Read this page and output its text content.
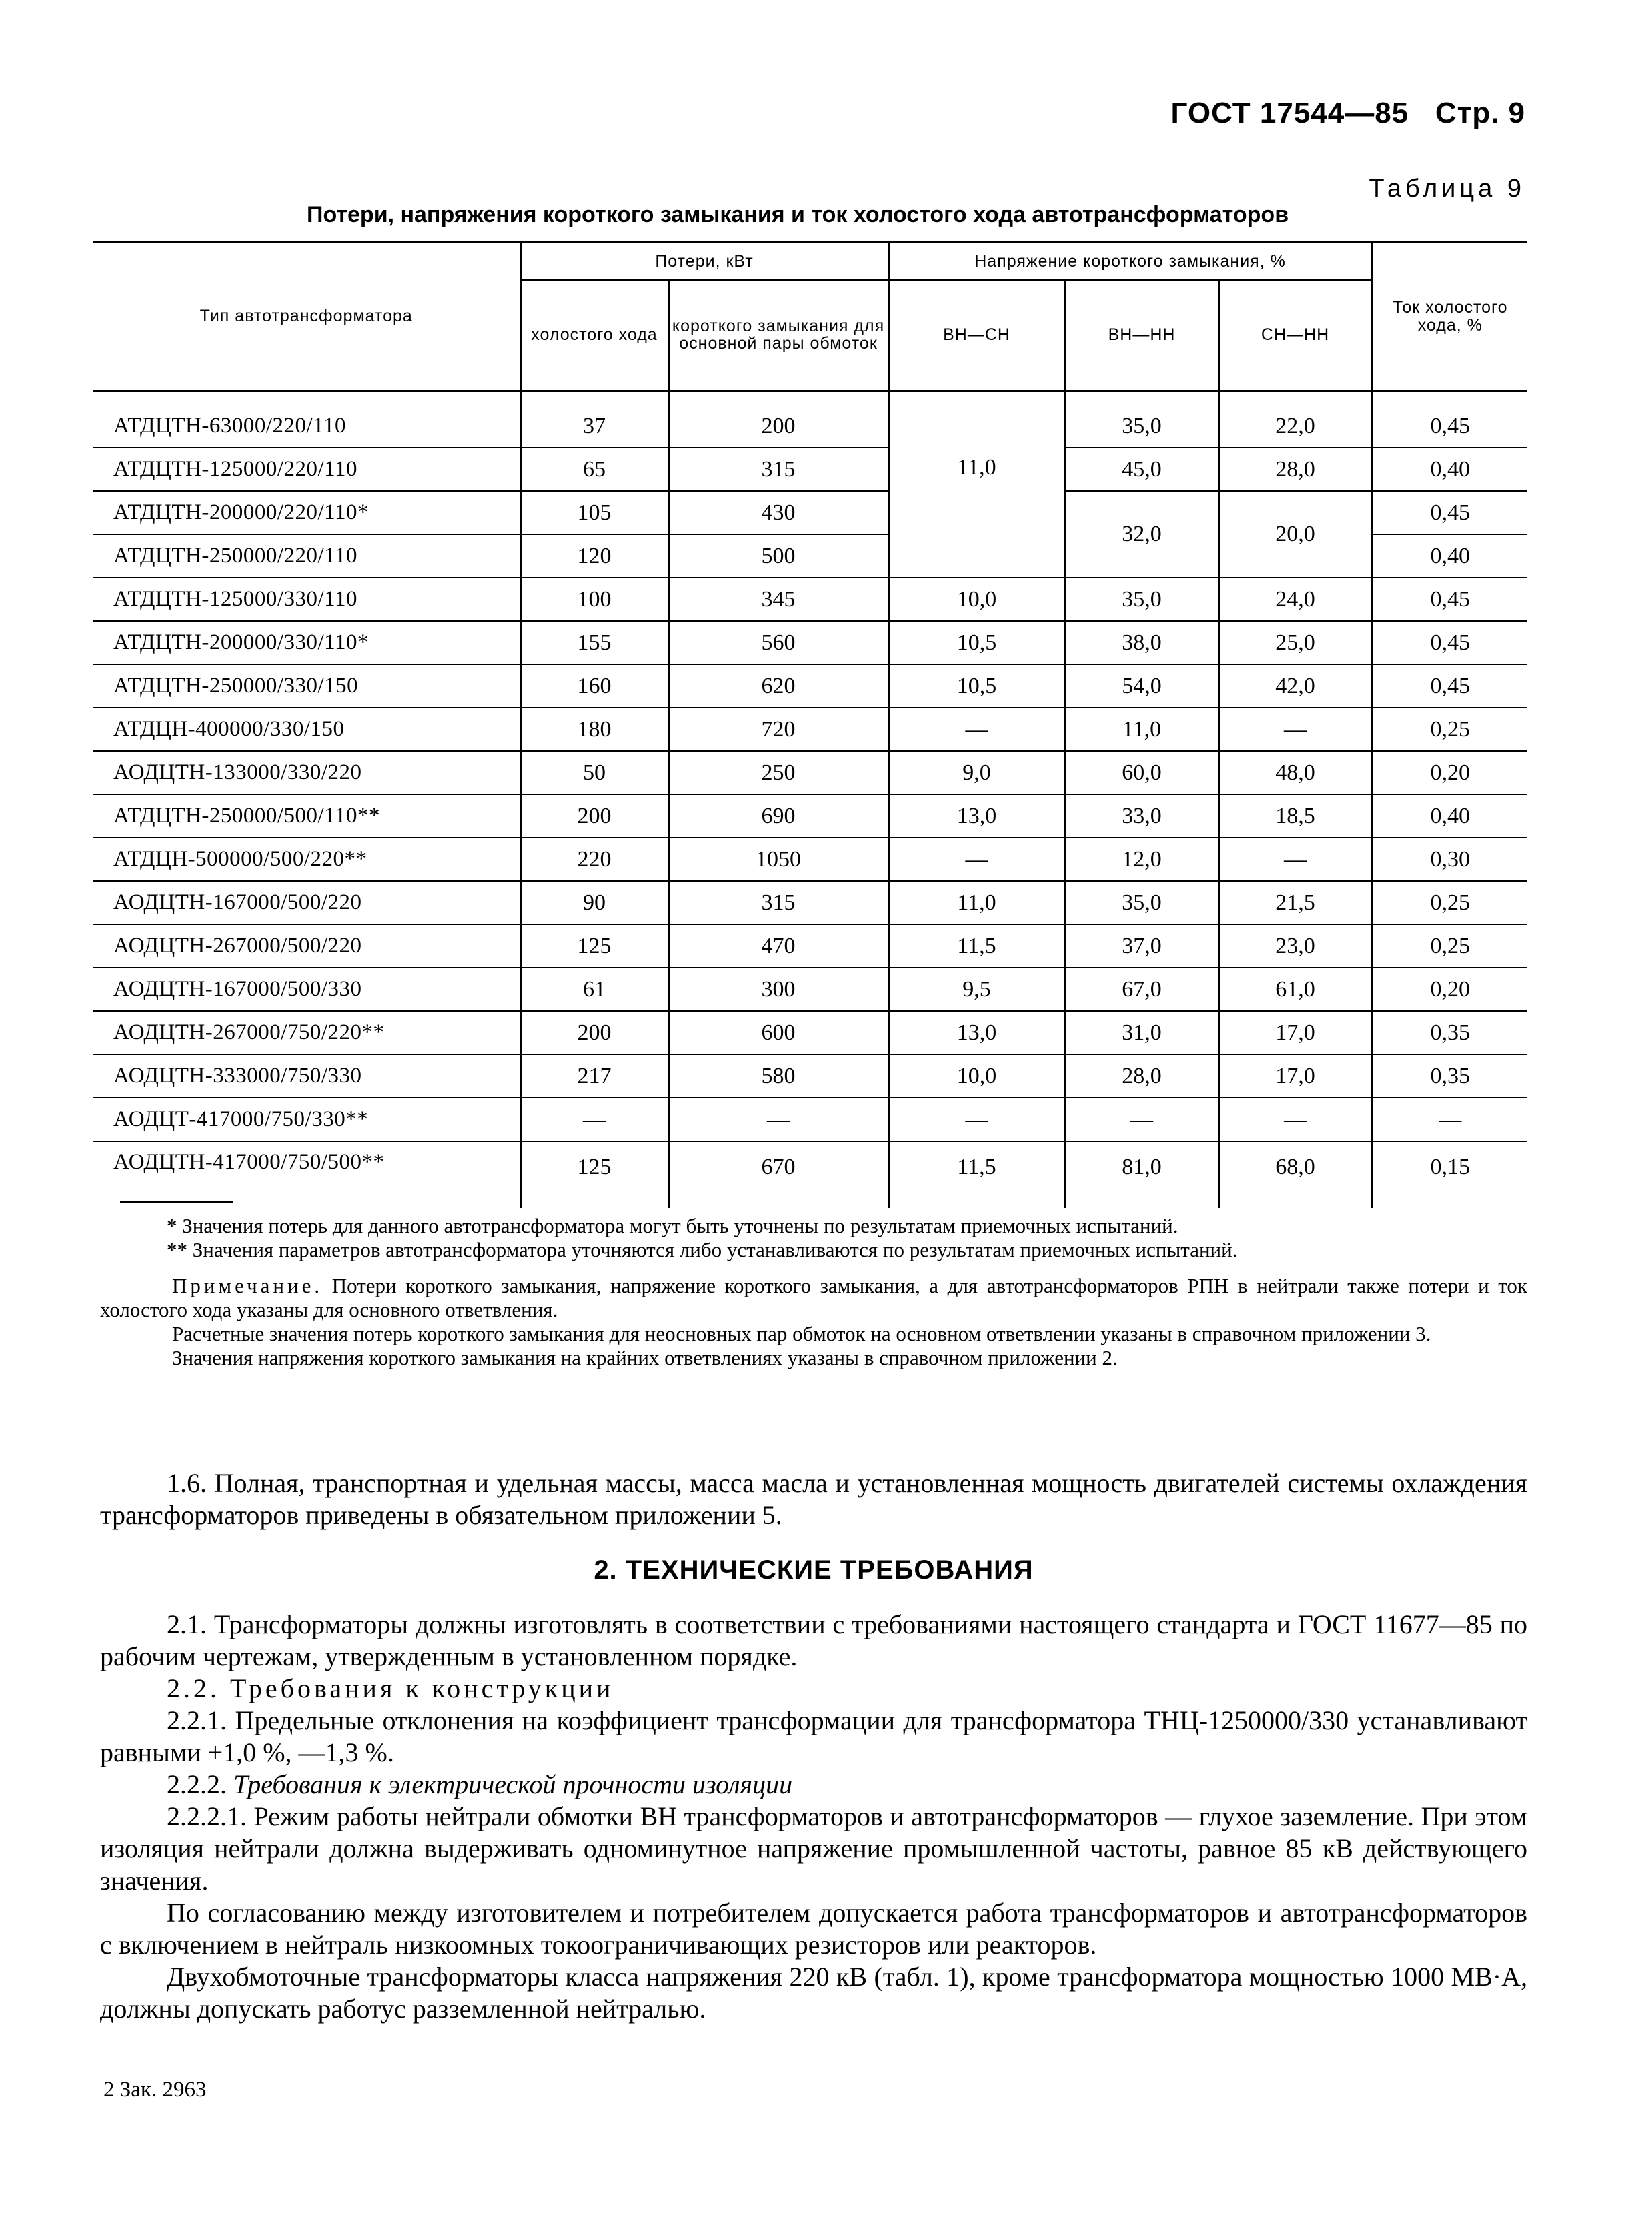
ГОСТ 17544—85 Стр. 9
Таблица 9
Потери, напряжения короткого замыкания и ток холостого хода автотрансформаторов
Тип автотрансформатора	Потери, кВт		Напряжение короткого замыкания, %			Ток холостого хода, %
	холостого хода	короткого замыкания для основной пары обмоток	ВН—СН	ВН—НН	СН—НН	

АТДЦТН-63000/220/110	37	200	11,0	35,0	22,0	0,45
АТДЦТН-125000/220/110	65	315		45,0	28,0	0,40
АТДЦТН-200000/220/110*	105	430		32,0	20,0	0,45
АТДЦТН-250000/220/110	120	500				0,40
АТДЦТН-125000/330/110	100	345	10,0	35,0	24,0	0,45
АТДЦТН-200000/330/110*	155	560	10,5	38,0	25,0	0,45
АТДЦТН-250000/330/150	160	620	10,5	54,0	42,0	0,45
АТДЦН-400000/330/150	180	720	—	11,0	—	0,25
АОДЦТН-133000/330/220	50	250	9,0	60,0	48,0	0,20
АТДЦТН-250000/500/110**	200	690	13,0	33,0	18,5	0,40
АТДЦН-500000/500/220**	220	1050	—	12,0	—	0,30
АОДЦТН-167000/500/220	90	315	11,0	35,0	21,5	0,25
АОДЦТН-267000/500/220	125	470	11,5	37,0	23,0	0,25
АОДЦТН-167000/500/330	61	300	9,5	67,0	61,0	0,20
АОДЦТН-267000/750/220**	200	600	13,0	31,0	17,0	0,35
АОДЦТН-333000/750/330	217	580	10,0	28,0	17,0	0,35
АОДЦТ-417000/750/330**	—	—	—	—	—	—
АОДЦТН-417000/750/500**	125	670	11,5	81,0	68,0	0,15

* Значения потерь для данного автотрансформатора могут быть уточнены по результатам приемочных испытаний.

** Значения параметров автотрансформатора уточняются либо устанавливаются по результатам приемочных испытаний.

Примечание. Потери короткого замыкания, напряжение короткого замыкания, а для автотрансформаторов РПН в нейтрали также потери и ток холостого хода указаны для основного ответвления.

Расчетные значения потерь короткого замыкания для неосновных пар обмоток на основном ответвлении указаны в справочном приложении 3.

Значения напряжения короткого замыкания на крайних ответвлениях указаны в справочном приложении 2.

1.6. Полная, транспортная и удельная массы, масса масла и установленная мощность двигателей системы охлаждения трансформаторов приведены в обязательном приложении 5.

2. ТЕХНИЧЕСКИЕ ТРЕБОВАНИЯ

2.1. Трансформаторы должны изготовлять в соответствии с требованиями настоящего стандарта и ГОСТ 11677—85 по рабочим чертежам, утвержденным в установленном порядке.

2.2. Требования к конструкции

2.2.1. Предельные отклонения на коэффициент трансформации для трансформатора ТНЦ-1250000/330 устанавливают равными +1,0 %, —1,3 %.

2.2.2. Требования к электрической прочности изоляции

2.2.2.1. Режим работы нейтрали обмотки ВН трансформаторов и автотрансформаторов — глухое заземление. При этом изоляция нейтрали должна выдерживать одноминутное напряжение промышленной частоты, равное 85 кВ действующего значения.

По согласованию между изготовителем и потребителем допускается работа трансформаторов и автотрансформаторов с включением в нейтраль низкоомных токоограничивающих резисторов или реакторов.

Двухобмоточные трансформаторы класса напряжения 220 кВ (табл. 1), кроме трансформатора мощностью 1000 МВ·А, должны допускать работус разземленной нейтралью.

2 Зак. 2963
